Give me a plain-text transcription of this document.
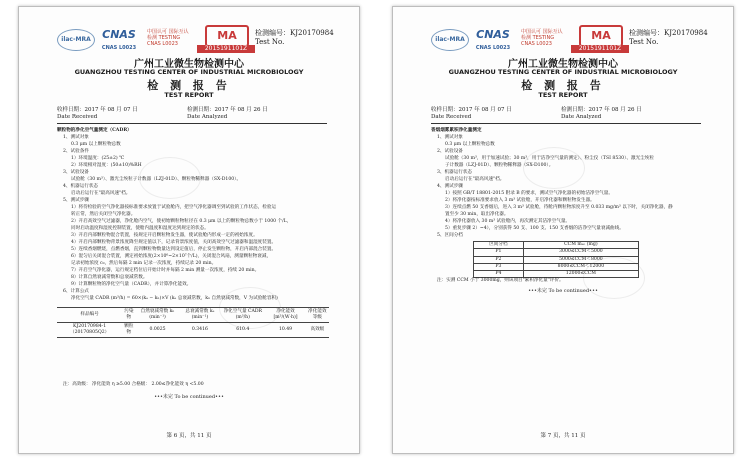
ilac-MRA	CNAS
CNAS L0023
中国认可 国际互认 检测 TESTING CNAS L0023
MA
2015191101Z
检测编号：KJ20170984
Test No.
广州工业微生物检测中心
GUANGZHOU TESTING CENTER OF INDUSTRIAL MICROBIOLOGY
检 测 报 告
TEST REPORT
收样日期：2017 年 08 月 07 日
Date Received
检测日期：2017 年 08 月 26 日
Date Analyzed

颗粒物的净化空气量测定（CADR）

1、测试对象

0.3 μm 以上颗粒物总数

2、试验条件

1）环境温度：(25±2) ℃

2）环境相对湿度：(50±10)%RH

3、试验设备

试验舱（30 m³）、激光尘埃粒子计数器（LZJ-01D）、颗粒物稀释器（SX-D100）。

4、机器运行状态

启动后运行在"最高风速"档。

5、测试步骤

1）将待检验的空气净化器按标准要求放置于试验舱内，把空气净化器调至到试验的工作状态，检验运

转正常，然后关闭空气净化器。

2）开启高效空气过滤器，净化舱内空气，使初始颗粒物粒径在 0.3 μm 以上的颗粒物总数小于 1000 个/L，

同时启动温度和湿度控制装置，使舱内温度和湿度达到规定的状态。

3）开启内部颗粒物混合装置，按规定开启颗粒物发生器，使试验舱内形成一定的初始浓度。

4）开启内部颗粒物背景浓度降至规定值以下，记录背景浓度值，关闭高效空气过滤器和温湿度装置。

5）连续香烟燃烧，点燃香烟，直到颗粒物数量达到设定值后，停止发生颗粒物，开启内部混合装置。

6）混匀后关闭混合装置，测定初始浓度(2×10⁶~2×10⁷个/L)，关闭混合风扇，测量颗粒物衰减，

记录初始浓度 c₀，然后每隔 2 min 记录一次浓度，持续记录 20 min。

7）开启空气净化器，运行规定档位后开始计时并每隔 2 min 测量一次浓度，持续 20 min。

8）计算自然衰减常数和总衰减常数。

9）计算颗粒物的净化空气量（CADR），并计算净化能效。

6、计算公式

净化空气量 CADR (m³/h) = 60×(kₑ − kₙ)×V (kₑ 总衰减常数，kₙ 自然衰减常数，V 为试验舱容积)

样品编号	污染物	自然衰减常数 kₙ (min⁻¹)	总衰减常数 kₑ (min⁻¹)	净化空气量 CADR (m³/h)	净化能效 [m³/(W·h)]	净化能效等级
KJ20170984-1（20170805Q2）	颗粒物	0.0025	0.3416	610.4	10.49	高效级

注：高效级： 净化能效 η ≥5.00 合格级： 2.00≤净化能效 η <5.00

•••未完 To be continued•••
第 6 页，共 11 页
ilac-MRA	CNAS
CNAS L0023
中国认可 国际互认 检测 TESTING CNAS L0023
MA
2015191101Z
检测编号：KJ20170984
Test No.
广州工业微生物检测中心
GUANGZHOU TESTING CENTER OF INDUSTRIAL MICROBIOLOGY
检 测 报 告
TEST REPORT
收样日期：2017 年 08 月 07 日
Date Received
检测日期：2017 年 08 月 26 日
Date Analyzed

香烟烟雾累积净化量测定

1、测试对象

0.3 μm 以上颗粒物总数

2、试验设备

试验舱（30 m³，用于加速试验；30 m³，用于洁净空气量的测定）、粉尘仪（TSI 8530）、激光尘埃粒

子计数器（LZJ-01D）、颗粒物稀释器（SX-D100）。

3、机器运行状态

启动后运行在"最高风速"档。

4、测试步骤

1）按照 GB/T 18801-2015 附录 B 的要求，测试空气净化器的初始洁净空气量。

2）将净化器按标准要求放入 3 m³ 试验舱，开启净化器和颗粒物发生器。

3）连续点燃 50 支香烟后，进入 3 m³ 试验舱，待舱内颗粒物浓度升至 0.033 mg/m³ 以下时，关闭净化器，静

置至少 30 min，取出净化器。

4）将净化器放入 30 m³ 试验舱内，再次测定其洁净空气量。

5）重复步骤 2）~4），分别获得 50 支、100 支、150 支香烟的洁净空气量衰减曲线。

5、区间分档

区间分档	CCM mₑₒ (mg)
P1	3000≤CCM＜5000
P2	5000≤CCM＜8000
P3	8000≤CCM＜12000
P4	12000≤CCM

注：实测 CCM 小于 3000mg，则该项目"累积净化量"评价。

•••未完 To be continued•••
第 7 页，共 11 页
